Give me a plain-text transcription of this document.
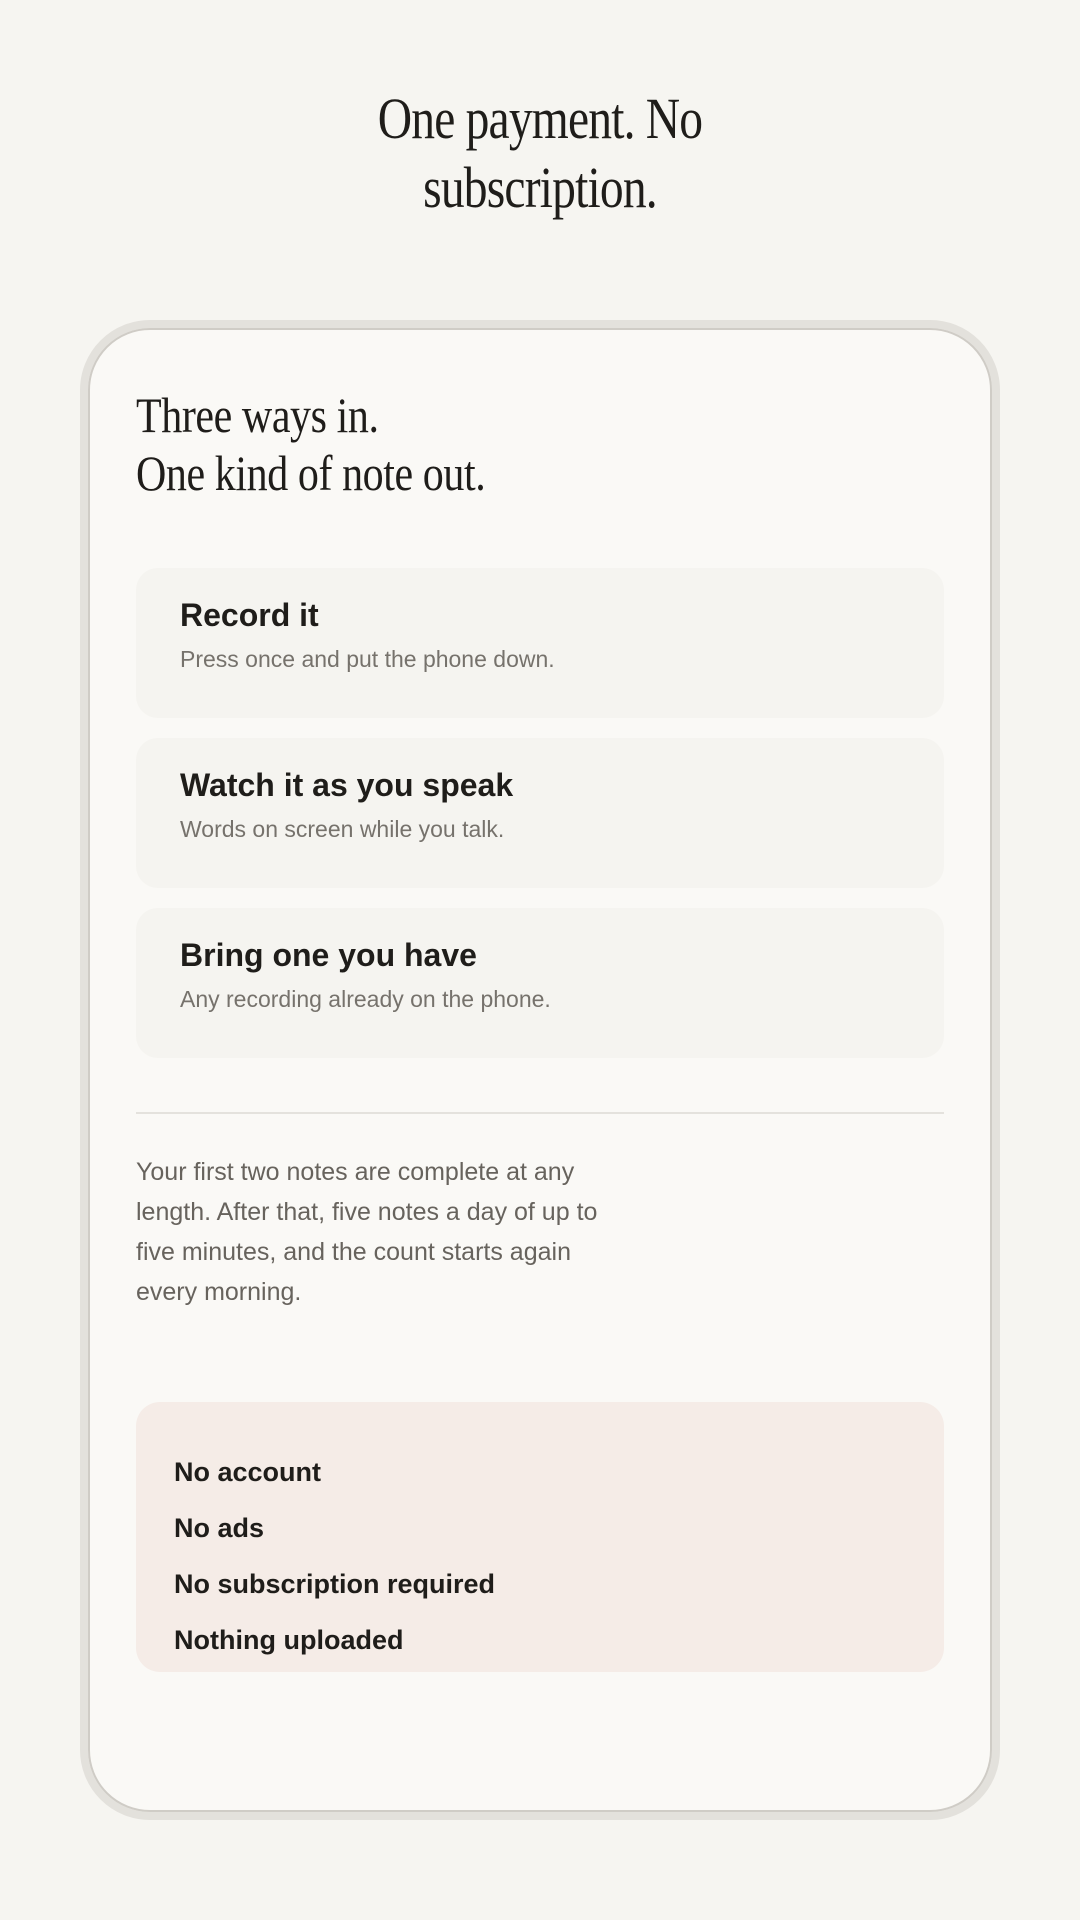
One payment. No
subscription.
Three ways in.
One kind of note out.
Record it
Press once and put the phone down.
Watch it as you speak
Words on screen while you talk.
Bring one you have
Any recording already on the phone.

Your first two notes are complete at any length. After that, five notes a day of up to five minutes, and the count starts again every morning.

No account
No ads
No subscription required
Nothing uploaded
